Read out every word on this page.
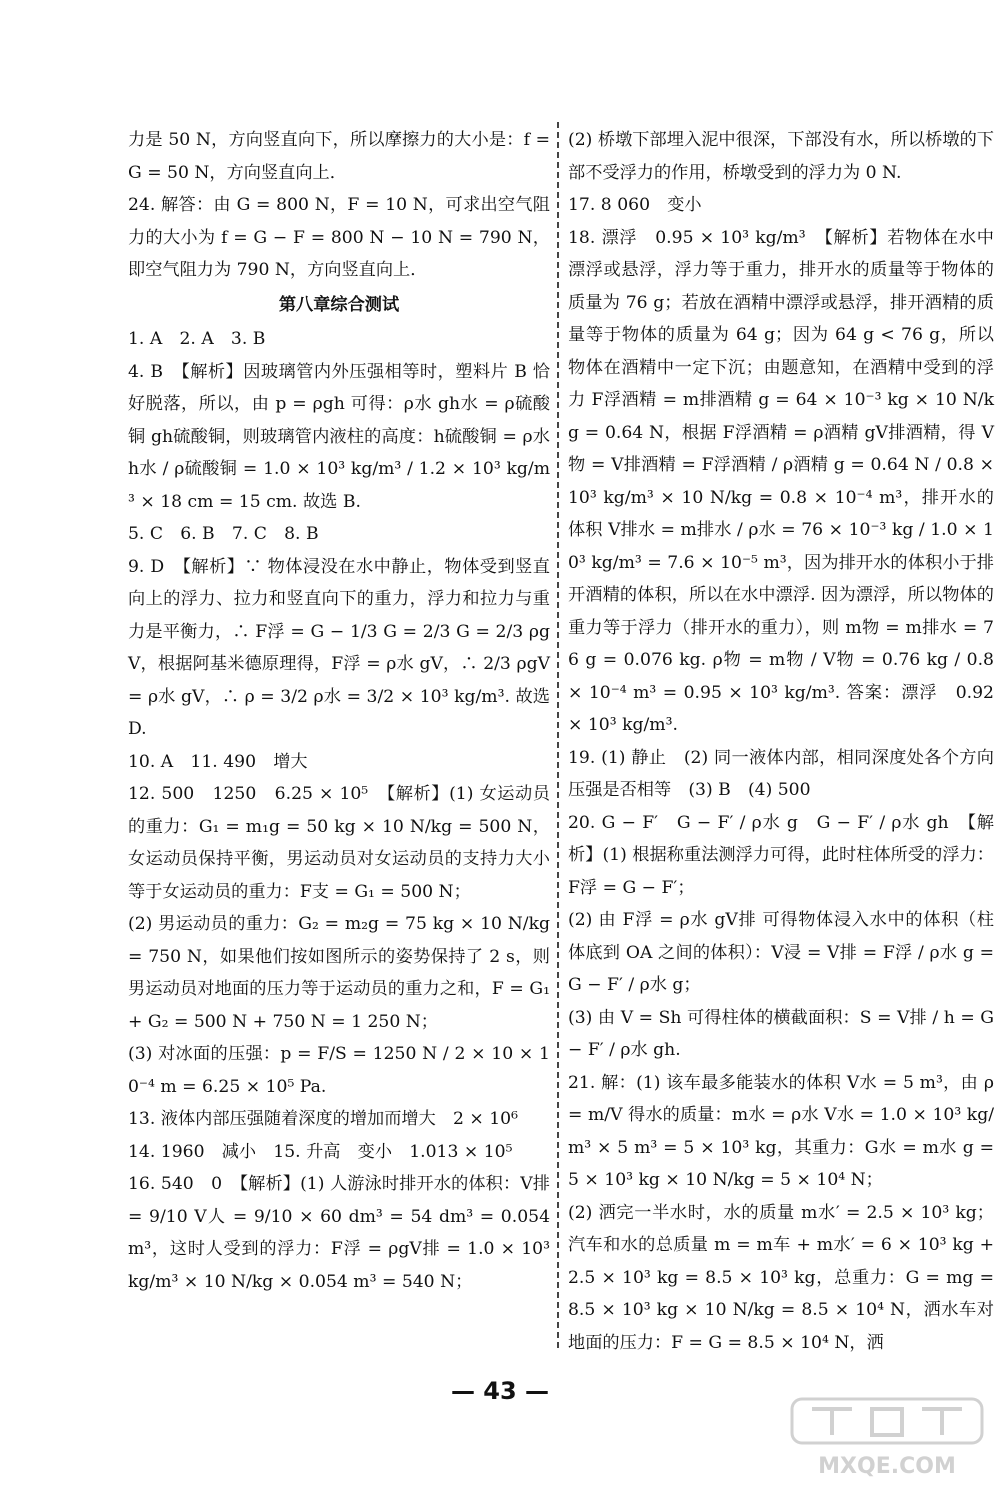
力是 50 N，方向竖直向下，所以摩擦力的大小是：f = G = 50 N，方向竖直向上．

24. 解答：由 G = 800 N，F = 10 N，可求出空气阻力的大小为 f = G − F = 800 N − 10 N = 790 N，即空气阻力为 790 N，方向竖直向上．

第八章综合测试

1. A　2. A　3. B

4. B　【解析】因玻璃管内外压强相等时，塑料片 B 恰好脱落，所以，由 p = ρgh 可得：ρ水 gh水 = ρ硫酸铜 gh硫酸铜，则玻璃管内液柱的高度：h硫酸铜 = ρ水 h水 / ρ硫酸铜 = 1.0 × 10³ kg/m³ / 1.2 × 10³ kg/m³ × 18 cm = 15 cm. 故选 B.

5. C　6. B　7. C　8. B

9. D　【解析】∵ 物体浸没在水中静止，物体受到竖直向上的浮力、拉力和竖直向下的重力，浮力和拉力与重力是平衡力，∴ F浮 = G − 1/3 G = 2/3 G = 2/3 ρgV，根据阿基米德原理得，F浮 = ρ水 gV，∴ 2/3 ρgV = ρ水 gV，∴ ρ = 3/2 ρ水 = 3/2 × 10³ kg/m³. 故选 D.

10. A　11. 490　增大

12. 500　1250　6.25 × 10⁵　【解析】(1) 女运动员的重力：G₁ = m₁g = 50 kg × 10 N/kg = 500 N，女运动员保持平衡，男运动员对女运动员的支持力大小等于女运动员的重力：F支 = G₁ = 500 N；

(2) 男运动员的重力：G₂ = m₂g = 75 kg × 10 N/kg = 750 N，如果他们按如图所示的姿势保持了 2 s，则男运动员对地面的压力等于运动员的重力之和，F = G₁ + G₂ = 500 N + 750 N = 1 250 N；

(3) 对冰面的压强：p = F/S = 1250 N / 2 × 10 × 10⁻⁴ m = 6.25 × 10⁵ Pa.

13. 液体内部压强随着深度的增加而增大　2 × 10⁶

14. 1960　减小　15. 升高　变小　1.013 × 10⁵

16. 540　0　【解析】(1) 人游泳时排开水的体积：V排 = 9/10 V人 = 9/10 × 60 dm³ = 54 dm³ = 0.054 m³，这时人受到的浮力：F浮 = ρgV排 = 1.0 × 10³ kg/m³ × 10 N/kg × 0.054 m³ = 540 N；

(2) 桥墩下部埋入泥中很深，下部没有水，所以桥墩的下部不受浮力的作用，桥墩受到的浮力为 0 N.

17. 8 060　变小

18. 漂浮　0.95 × 10³ kg/m³　【解析】若物体在水中漂浮或悬浮，浮力等于重力，排开水的质量等于物体的质量为 76 g；若放在酒精中漂浮或悬浮，排开酒精的质量等于物体的质量为 64 g；因为 64 g < 76 g，所以物体在酒精中一定下沉；由题意知，在酒精中受到的浮力 F浮酒精 = m排酒精 g = 64 × 10⁻³ kg × 10 N/kg = 0.64 N，根据 F浮酒精 = ρ酒精 gV排酒精，得 V物 = V排酒精 = F浮酒精 / ρ酒精 g = 0.64 N / 0.8 × 10³ kg/m³ × 10 N/kg = 0.8 × 10⁻⁴ m³，排开水的体积 V排水 = m排水 / ρ水 = 76 × 10⁻³ kg / 1.0 × 10³ kg/m³ = 7.6 × 10⁻⁵ m³，因为排开水的体积小于排开酒精的体积，所以在水中漂浮. 因为漂浮，所以物体的重力等于浮力（排开水的重力），则 m物 = m排水 = 76 g = 0.076 kg. ρ物 = m物 / V物 = 0.76 kg / 0.8 × 10⁻⁴ m³ = 0.95 × 10³ kg/m³. 答案：漂浮　0.92 × 10³ kg/m³.

19. (1) 静止　(2) 同一液体内部，相同深度处各个方向压强是否相等　(3) B　(4) 500

20. G − F′　G − F′ / ρ水 g　G − F′ / ρ水 gh　【解析】(1) 根据称重法测浮力可得，此时柱体所受的浮力：F浮 = G − F′；

(2) 由 F浮 = ρ水 gV排 可得物体浸入水中的体积（柱体底到 OA 之间的体积）：V浸 = V排 = F浮 / ρ水 g = G − F′ / ρ水 g；

(3) 由 V = Sh 可得柱体的横截面积：S = V排 / h = G − F′ / ρ水 gh.

21. 解：(1) 该车最多能装水的体积 V水 = 5 m³，由 ρ = m/V 得水的质量：m水 = ρ水 V水 = 1.0 × 10³ kg/m³ × 5 m³ = 5 × 10³ kg，其重力：G水 = m水 g = 5 × 10³ kg × 10 N/kg = 5 × 10⁴ N；

(2) 洒完一半水时，水的质量 m水′ = 2.5 × 10³ kg；汽车和水的总质量 m = m车 + m水′ = 6 × 10³ kg + 2.5 × 10³ kg = 8.5 × 10³ kg，总重力：G = mg = 8.5 × 10³ kg × 10 N/kg = 8.5 × 10⁴ N，洒水车对地面的压力：F = G = 8.5 × 10⁴ N，洒

— 43 —
MXQE.COM
